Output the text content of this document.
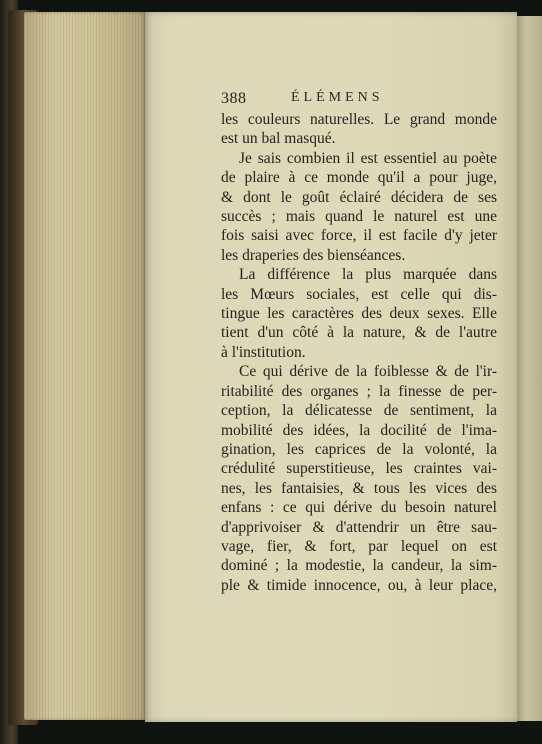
388	ÉLÉMENS
les couleurs naturelles. Le grand monde
est un bal masqué.
Je sais combien il est essentiel au poète
de plaire à ce monde qu'il a pour juge,
& dont le goût éclairé décidera de ses
succès ; mais quand le naturel est une
fois saisi avec force, il est facile d'y jeter
les draperies des bienséances.
La différence la plus marquée dans
les Mœurs sociales, est celle qui dis-
tingue les caractères des deux sexes. Elle
tient d'un côté à la nature, & de l'autre
à l'institution.
Ce qui dérive de la foiblesse & de l'ir-
ritabilité des organes ; la finesse de per-
ception, la délicatesse de sentiment, la
mobilité des idées, la docilité de l'ima-
gination, les caprices de la volonté, la
crédulité superstitieuse, les craintes vai-
nes, les fantaisies, & tous les vices des
enfans : ce qui dérive du besoin naturel
d'apprivoiser & d'attendrir un être sau-
vage, fier, & fort, par lequel on est
dominé ; la modestie, la candeur, la sim-
ple & timide innocence, ou, à leur place,
